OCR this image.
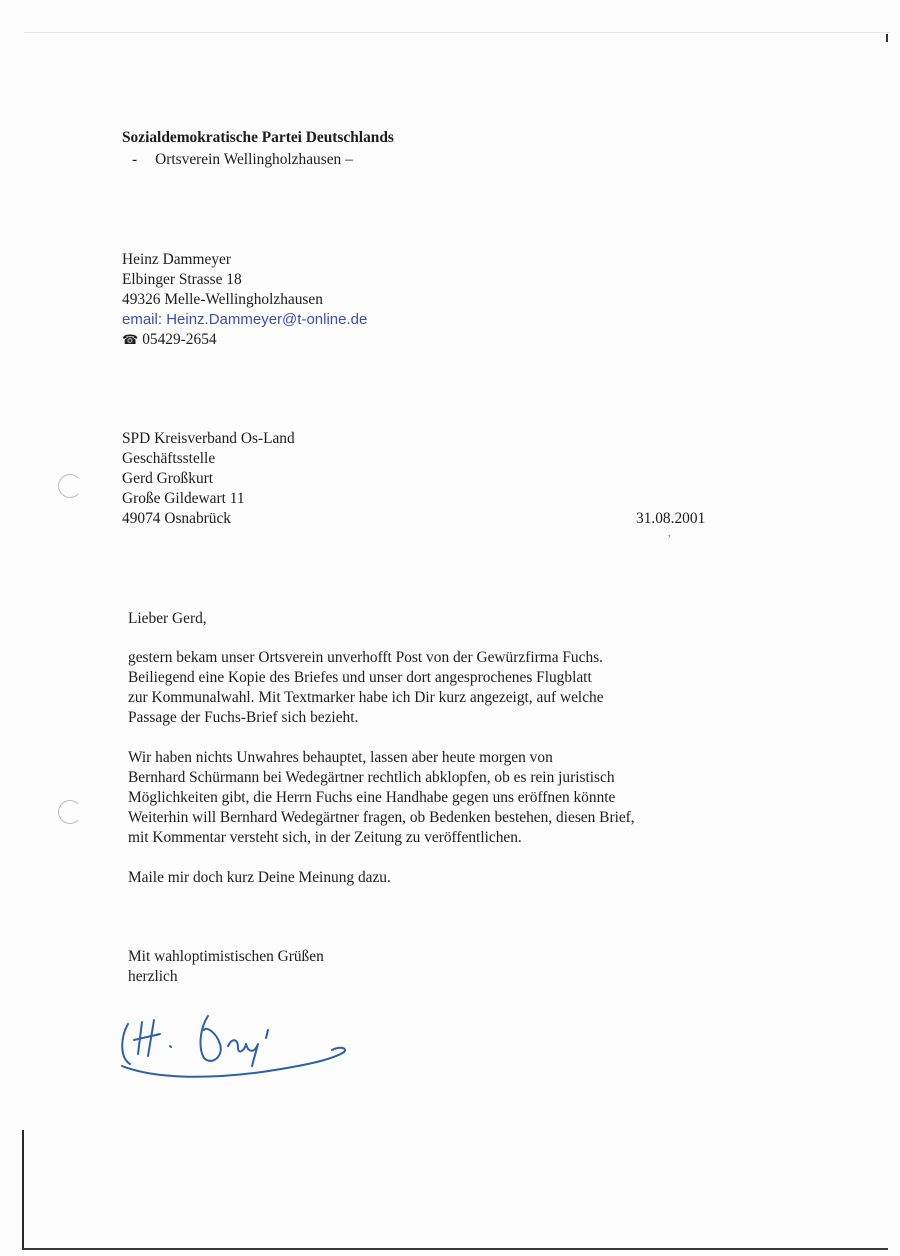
Sozialdemokratische Partei Deutschlands
- Ortsverein Wellingholzhausen –
Heinz Dammeyer
Elbinger Strasse 18
49326 Melle-Wellingholzhausen
email: Heinz.Dammeyer@t-online.de
☎ 05429-2654
SPD Kreisverband Os-Land
Geschäftsstelle
Gerd Großkurt
Große Gildewart 11
49074 Osnabrück	31.08.2001
,
Lieber Gerd,
gestern bekam unser Ortsverein unverhofft Post von der Gewürzfirma Fuchs.
Beiliegend eine Kopie des Briefes und unser dort angesprochenes Flugblatt
zur Kommunalwahl. Mit Textmarker habe ich Dir kurz angezeigt, auf welche
Passage der Fuchs-Brief sich bezieht.
Wir haben nichts Unwahres behauptet, lassen aber heute morgen von
Bernhard Schürmann bei Wedegärtner rechtlich abklopfen, ob es rein juristisch
Möglichkeiten gibt, die Herrn Fuchs eine Handhabe gegen uns eröffnen könnte
Weiterhin will Bernhard Wedegärtner fragen, ob Bedenken bestehen, diesen Brief,
mit Kommentar versteht sich, in der Zeitung zu veröffentlichen.
Maile mir doch kurz Deine Meinung dazu.
Mit wahloptimistischen Grüßen
herzlich
